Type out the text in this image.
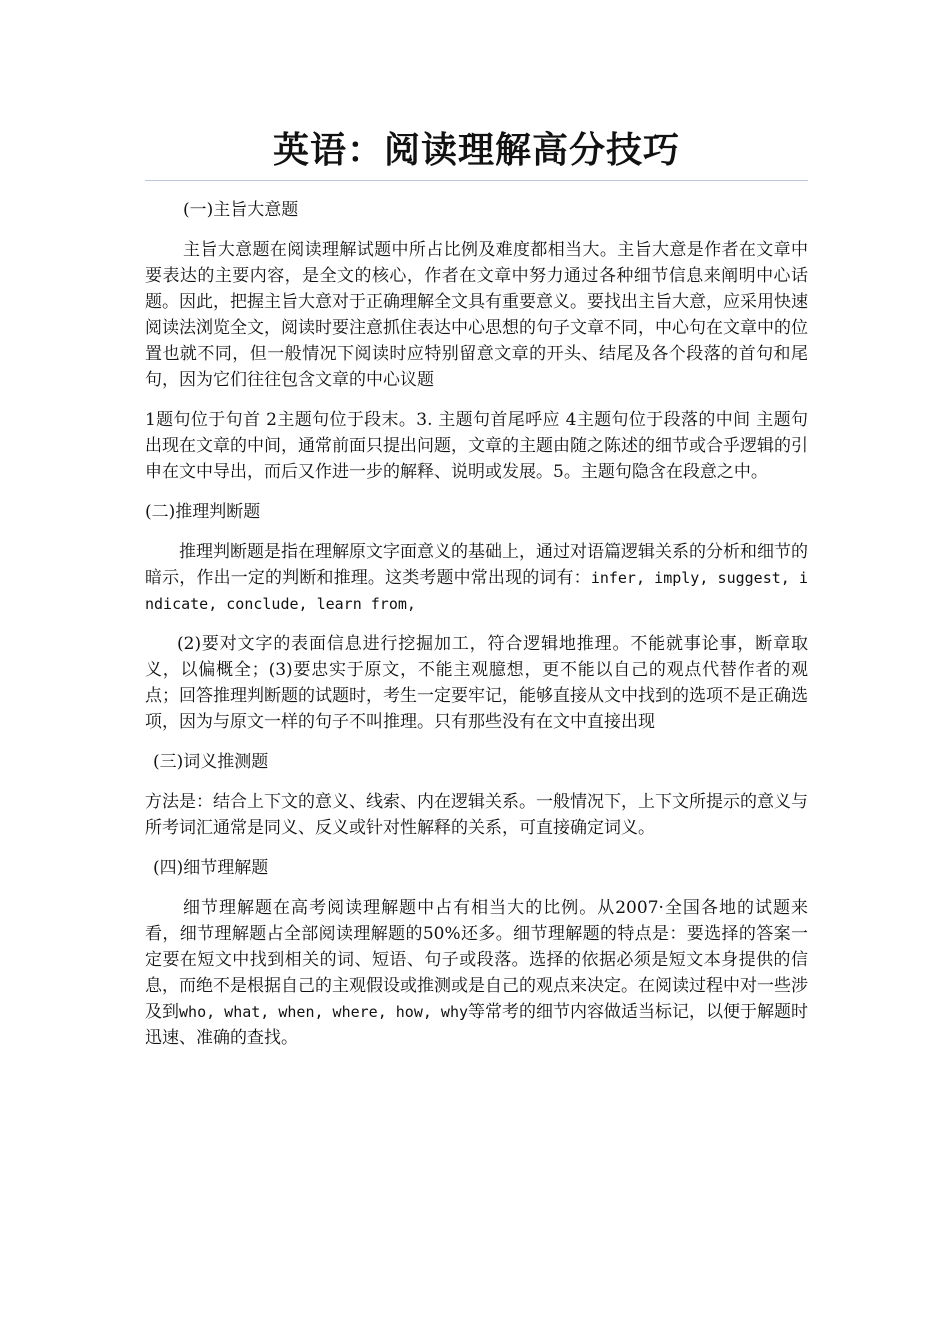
英语：阅读理解高分技巧
(一)主旨大意题

主旨大意题在阅读理解试题中所占比例及难度都相当大。主旨大意是作者在文章中要表达的主要内容，是全文的核心，作者在文章中努力通过各种细节信息来阐明中心话题。因此，把握主旨大意对于正确理解全文具有重要意义。要找出主旨大意，应采用快速阅读法浏览全文，阅读时要注意抓住表达中心思想的句子文章不同，中心句在文章中的位置也就不同，但一般情况下阅读时应特别留意文章的开头、结尾及各个段落的首句和尾句，因为它们往往包含文章的中心议题

1题句位于句首 2主题句位于段末。3. 主题句首尾呼应 4主题句位于段落的中间 主题句出现在文章的中间，通常前面只提出问题，文章的主题由随之陈述的细节或合乎逻辑的引申在文中导出，而后又作进一步的解释、说明或发展。5。主题句隐含在段意之中。

(二)推理判断题

推理判断题是指在理解原文字面意义的基础上，通过对语篇逻辑关系的分析和细节的暗示，作出一定的判断和推理。这类考题中常出现的词有：infer, imply, suggest, indicate, conclude, learn from,

(2)要对文字的表面信息进行挖掘加工，符合逻辑地推理。不能就事论事，断章取义，以偏概全；(3)要忠实于原文，不能主观臆想，更不能以自己的观点代替作者的观点；回答推理判断题的试题时，考生一定要牢记，能够直接从文中找到的选项不是正确选项，因为与原文一样的句子不叫推理。只有那些没有在文中直接出现

(三)词义推测题

方法是：结合上下文的意义、线索、内在逻辑关系。一般情况下，上下文所提示的意义与所考词汇通常是同义、反义或针对性解释的关系，可直接确定词义。

(四)细节理解题

细节理解题在高考阅读理解题中占有相当大的比例。从2007·全国各地的试题来看，细节理解题占全部阅读理解题的50%还多。细节理解题的特点是：要选择的答案一定要在短文中找到相关的词、短语、句子或段落。选择的依据必须是短文本身提供的信息，而绝不是根据自己的主观假设或推测或是自己的观点来决定。在阅读过程中对一些涉及到who, what, when, where, how, why等常考的细节内容做适当标记，以便于解题时迅速、准确的查找。
